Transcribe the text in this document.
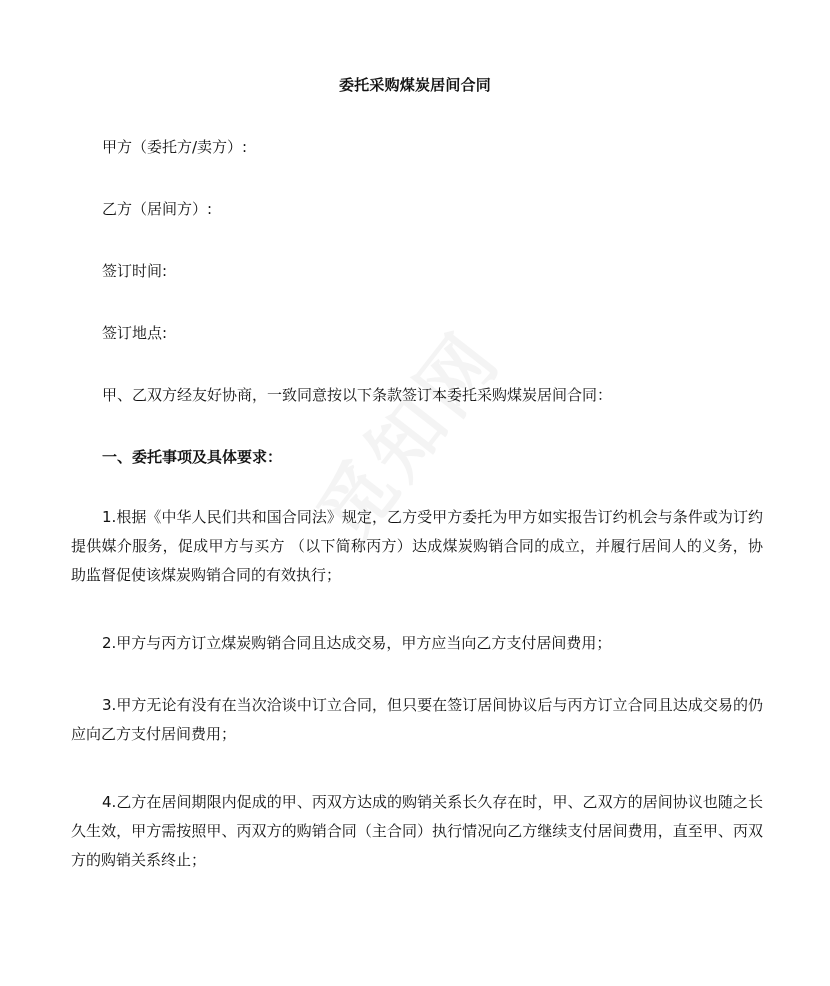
委托采购煤炭居间合同
甲方（委托方/卖方）:
乙方（居间方）:
签订时间:
签订地点:
甲、乙双方经友好协商，一致同意按以下条款签订本委托采购煤炭居间合同：
一、委托事项及具体要求：
1.根据《中华人民们共和国合同法》规定，乙方受甲方委托为甲方如实报告订约机会与条件或为订约提供媒介服务，促成甲方与买方 （以下简称丙方）达成煤炭购销合同的成立，并履行居间人的义务，协助监督促使该煤炭购销合同的有效执行；
2.甲方与丙方订立煤炭购销合同且达成交易，甲方应当向乙方支付居间费用；
3.甲方无论有没有在当次洽谈中订立合同，但只要在签订居间协议后与丙方订立合同且达成交易的仍应向乙方支付居间费用；
4.乙方在居间期限内促成的甲、丙双方达成的购销关系长久存在时，甲、乙双方的居间协议也随之长久生效，甲方需按照甲、丙双方的购销合同（主合同）执行情况向乙方继续支付居间费用，直至甲、丙双方的购销关系终止；
